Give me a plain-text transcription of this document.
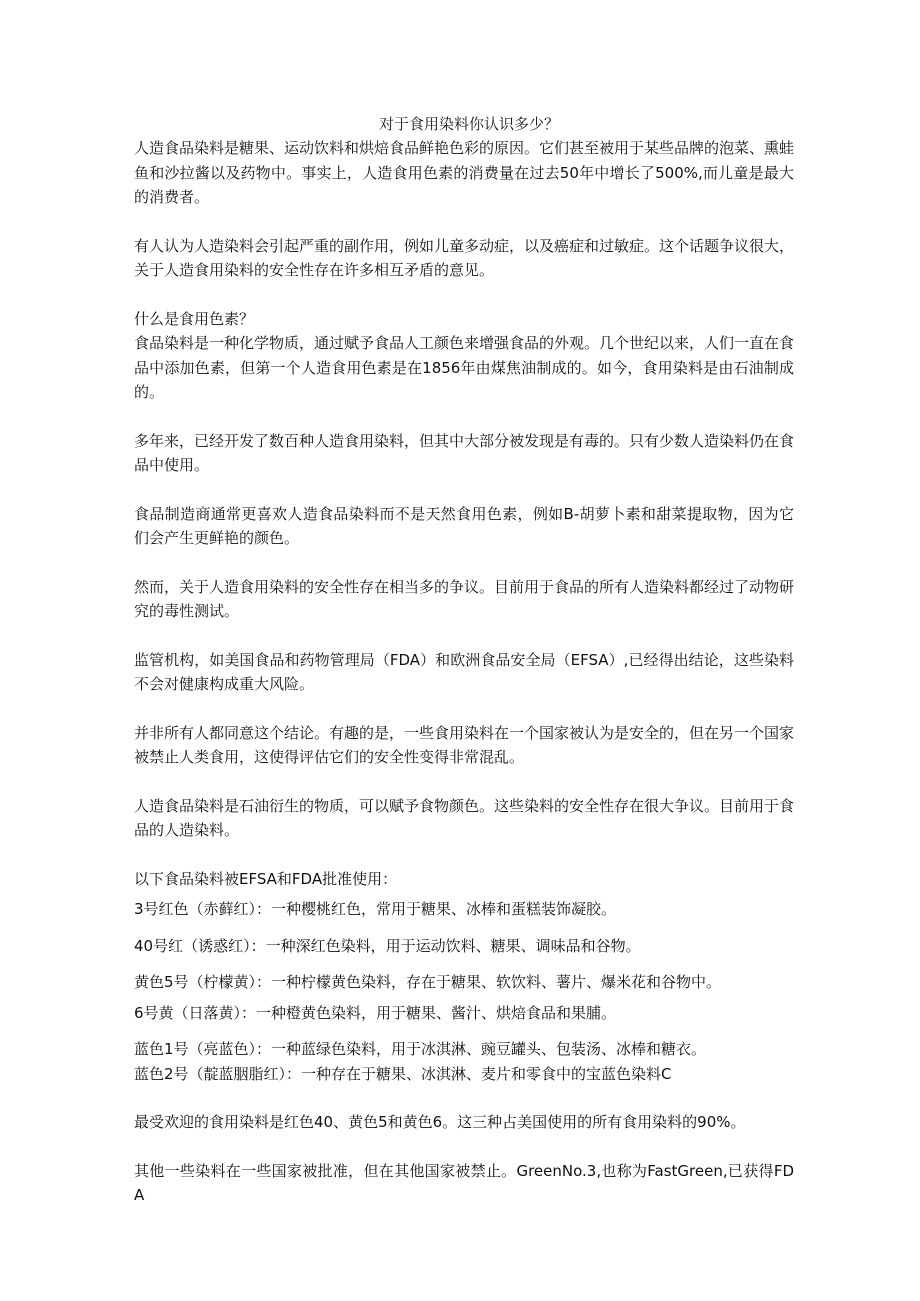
对于食用染料你认识多少？

人造食品染料是糖果、运动饮料和烘焙食品鲜艳色彩的原因。它们甚至被用于某些品牌的泡菜、熏蛙鱼和沙拉酱以及药物中。事实上，人造食用色素的消费量在过去50年中增长了500%,而儿童是最大的消费者。

有人认为人造染料会引起严重的副作用，例如儿童多动症，以及癌症和过敏症。这个话题争议很大，关于人造食用染料的安全性存在许多相互矛盾的意见。

什么是食用色素？

食品染料是一种化学物质，通过赋予食品人工颜色来增强食品的外观。几个世纪以来，人们一直在食品中添加色素，但第一个人造食用色素是在1856年由煤焦油制成的。如今，食用染料是由石油制成的。

多年来，已经开发了数百种人造食用染料，但其中大部分被发现是有毒的。只有少数人造染料仍在食品中使用。

食品制造商通常更喜欢人造食品染料而不是天然食用色素，例如B-胡萝卜素和甜菜提取物，因为它们会产生更鲜艳的颜色。

然而，关于人造食用染料的安全性存在相当多的争议。目前用于食品的所有人造染料都经过了动物研究的毒性测试。

监管机构，如美国食品和药物管理局（FDA）和欧洲食品安全局（EFSA）,已经得出结论，这些染料不会对健康构成重大风险。

并非所有人都同意这个结论。有趣的是，一些食用染料在一个国家被认为是安全的，但在另一个国家被禁止人类食用，这使得评估它们的安全性变得非常混乱。

人造食品染料是石油衍生的物质，可以赋予食物颜色。这些染料的安全性存在很大争议。目前用于食品的人造染料。

以下食品染料被EFSA和FDA批准使用：

3号红色（赤藓红）：一种樱桃红色，常用于糖果、冰棒和蛋糕装饰凝胶。

40号红（诱惑红）：一种深红色染料，用于运动饮料、糖果、调味品和谷物。

黄色5号（柠檬黄）：一种柠檬黄色染料，存在于糖果、软饮料、薯片、爆米花和谷物中。

6号黄（日落黄）：一种橙黄色染料，用于糖果、酱汁、烘焙食品和果脯。

蓝色1号（亮蓝色）：一种蓝绿色染料，用于冰淇淋、豌豆罐头、包装汤、冰棒和糖衣。

蓝色2号（靛蓝胭脂红）：一种存在于糖果、冰淇淋、麦片和零食中的宝蓝色染料C

最受欢迎的食用染料是红色40、黄色5和黄色6。这三种占美国使用的所有食用染料的90%。

其他一些染料在一些国家被批准，但在其他国家被禁止。GreenNo.3,也称为FastGreen,已获得FDA
